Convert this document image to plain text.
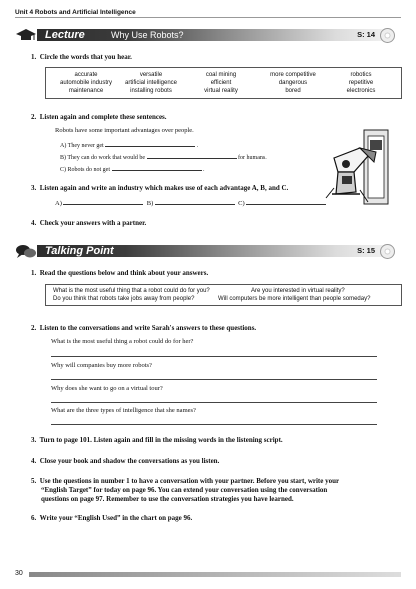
Unit 4 Robots and Artificial Intelligence
Lecture	Why Use Robots?	S: 14
1. Circle the words that you hear.
accurate	versatile	coal mining	more competitive	robotics
automobile industry	artificial intelligence	efficient	dangerous	repetitive
maintenance	installing robots	virtual reality	bored	electronics
2. Listen again and complete these sentences.
Robots have some important advantages over people.
A) They never get	.
B) They can do work that would be	for humans.
C) Robots do not get	.
3. Listen again and write an industry which makes use of each advantage A, B, and C.
A)	B)	C)
4. Check your answers with a partner.
Talking Point	S: 15
1. Read the questions below and think about your answers.
What is the most useful thing that a robot could do for you?	Are you interested in virtual reality?
Do you think that robots take jobs away from people?	Will computers be more intelligent than people someday?
2. Listen to the conversations and write Sarah's answers to these questions.
What is the most useful thing a robot could do for her?
Why will companies buy more robots?
Why does she want to go on a virtual tour?
What are the three types of intelligence that she names?
3. Turn to page 101. Listen again and fill in the missing words in the listening script.
4. Close your book and shadow the conversations as you listen.
5. Use the questions in number 1 to have a conversation with your partner. Before you start, write your
“English Target” for today on page 96. You can extend your conversation using the conversation
questions on page 97. Remember to use the conversation strategies you have learned.
6. Write your “English Used” in the chart on page 96.
30
